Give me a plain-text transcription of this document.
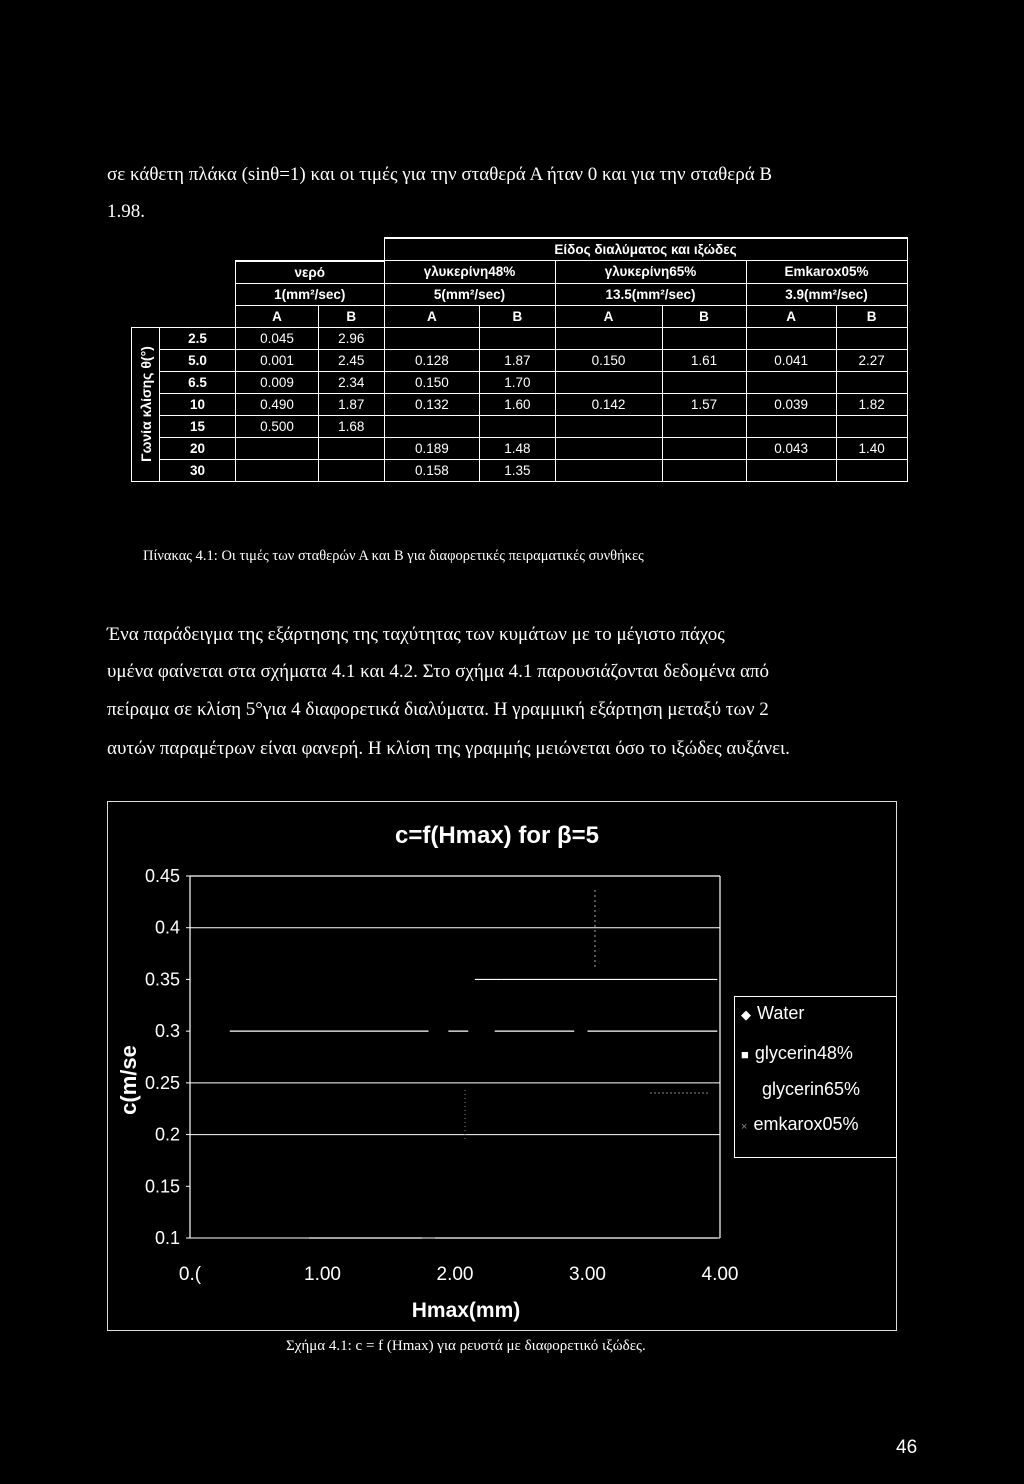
σε κάθετη πλάκα (sinθ=1) και οι τιμές για την σταθερά Α ήταν 0 και για την σταθερά Β
1.98.
				Είδος διαλύματος και ιξώδες					
		νερό		γλυκερίνη48%		γλυκερίνη65%		Emkarox05%	
		1(mm²/sec)		5(mm²/sec)		13.5(mm²/sec)		3.9(mm²/sec)	
		A	B	A	B	A	B	A	B

Γωνία κλίσης θ(°)	2.5	0.045	2.96						
	5.0	0.001	2.45	0.128	1.87	0.150	1.61	0.041	2.27
	6.5	0.009	2.34	0.150	1.70				
	10	0.490	1.87	0.132	1.60	0.142	1.57	0.039	1.82
	15	0.500	1.68						
	20			0.189	1.48			0.043	1.40
	30			0.158	1.35				
Πίνακας 4.1: Οι τιμές των σταθερών Α και Β για διαφορετικές πειραματικές συνθήκες
Ένα παράδειγμα της εξάρτησης της ταχύτητας των κυμάτων με το μέγιστο πάχος
υμένα φαίνεται στα σχήματα 4.1 και 4.2. Στο σχήμα 4.1 παρουσιάζονται δεδομένα από
πείραμα σε κλίση 5°για 4 διαφορετικά διαλύματα. Η γραμμική εξάρτηση μεταξύ των 2
αυτών παραμέτρων είναι φανερή. Η κλίση της γραμμής μειώνεται όσο το ιξώδες αυξάνει.
0.45
0.4
0.35
0.3
0.25
0.2
0.15
0.1
0.(	1.00	2.00	3.00	4.00
c=f(Hmax) for β=5
Hmax(mm)
c(m/se
◆ Water
■ glycerin48%
glycerin65%
× emkarox05%
Σχήμα 4.1: c = f (Hmax) για ρευστά με διαφορετικό ιξώδες.
46
